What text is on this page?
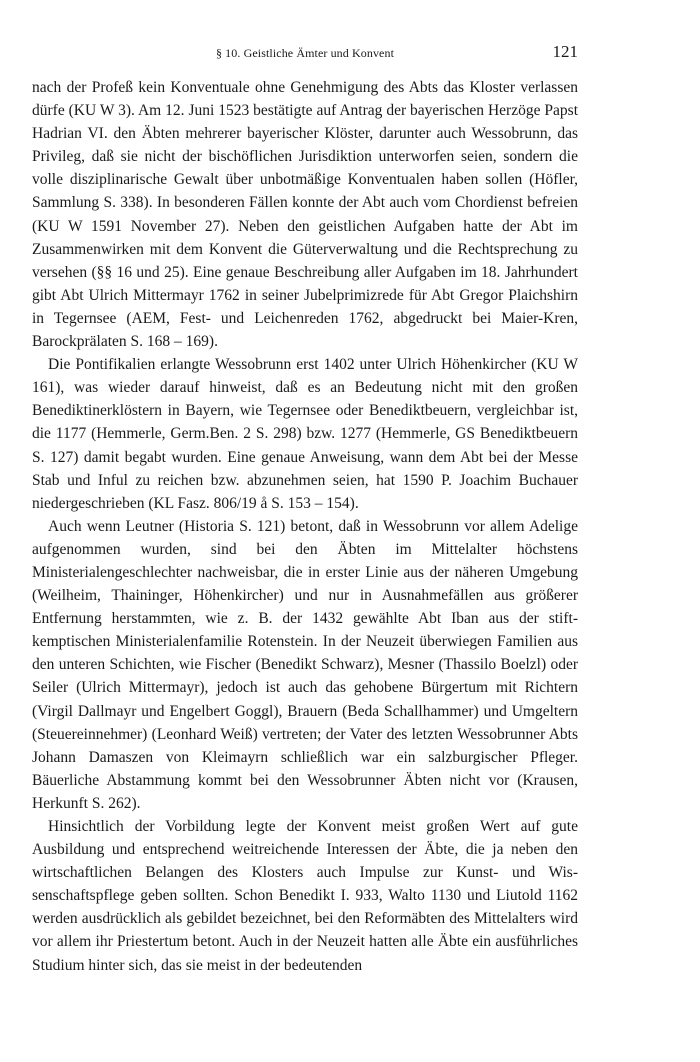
§ 10. Geistliche Ämter und Konvent	121

nach der Profeß kein Konventuale ohne Genehmigung des Abts das Kloster verlassen dürfe (KU W 3). Am 12. Juni 1523 bestätigte auf Antrag der bayerischen Herzöge Papst Hadrian VI. den Äbten mehrerer bayerischer Klöster, darunter auch Wessobrunn, das Privileg, daß sie nicht der bischöflichen Jurisdiktion unterworfen seien, sondern die volle disziplinarische Gewalt über unbotmäßige Konventualen haben sollen (Höfler, Sammlung S. 338). In besonderen Fällen konnte der Abt auch vom Chordienst befreien (KU W 1591 November 27). Neben den geistlichen Aufgaben hatte der Abt im Zusammenwirken mit dem Konvent die Güterverwaltung und die Rechtsprechung zu versehen (§§ 16 und 25). Eine genaue Beschreibung aller Aufgaben im 18. Jahrhundert gibt Abt Ulrich Mittermayr 1762 in seiner Jubelprimizrede für Abt Gregor Plaichshirn in Tegernsee (AEM, Fest- und Leichenreden 1762, abgedruckt bei Maier-Kren, Barockprälaten S. 168 – 169).

Die Pontifikalien erlangte Wessobrunn erst 1402 unter Ulrich Höhenkircher (KU W 161), was wieder darauf hinweist, daß es an Bedeutung nicht mit den großen Benediktinerklöstern in Bayern, wie Tegernsee oder Benediktbeuern, vergleichbar ist, die 1177 (Hemmerle, Germ.Ben. 2 S. 298) bzw. 1277 (Hemmerle, GS Benediktbeuern S. 127) damit begabt wurden. Eine genaue Anweisung, wann dem Abt bei der Messe Stab und Inful zu reichen bzw. abzunehmen seien, hat 1590 P. Joachim Buchauer niedergeschrieben (KL Fasz. 806/19 å S. 153 – 154).

Auch wenn Leutner (Historia S. 121) betont, daß in Wessobrunn vor allem Adelige aufgenommen wurden, sind bei den Äbten im Mittelalter höchstens Ministerialengeschlechter nachweisbar, die in erster Linie aus der näheren Umgebung (Weilheim, Thaininger, Höhenkircher) und nur in Ausnahmefällen aus größerer Entfernung herstammten, wie z. B. der 1432 gewählte Abt Iban aus der stift-kemptischen Ministerialenfamilie Rotenstein. In der Neuzeit überwiegen Familien aus den unteren Schichten, wie Fischer (Benedikt Schwarz), Mesner (Thassilo Boelzl) oder Seiler (Ulrich Mittermayr), jedoch ist auch das gehobene Bürgertum mit Richtern (Virgil Dallmayr und Engelbert Goggl), Brauern (Beda Schallhammer) und Umgeltern (Steuereinnehmer) (Leonhard Weiß) vertreten; der Vater des letzten Wessobrunner Abts Johann Damaszen von Kleimayrn schließlich war ein salzburgischer Pfleger. Bäuerliche Abstammung kommt bei den Wessobrunner Äbten nicht vor (Krausen, Herkunft S. 262).

Hinsichtlich der Vorbildung legte der Konvent meist großen Wert auf gute Ausbildung und entsprechend weitreichende Interessen der Äbte, die ja neben den wirtschaftlichen Belangen des Klosters auch Impulse zur Kunst- und Wissenschaftspflege geben sollten. Schon Benedikt I. 933, Walto 1130 und Liutold 1162 werden ausdrücklich als gebildet bezeichnet, bei den Reformäbten des Mittelalters wird vor allem ihr Priestertum betont. Auch in der Neuzeit hatten alle Äbte ein ausführliches Studium hinter sich, das sie meist in der bedeutenden
